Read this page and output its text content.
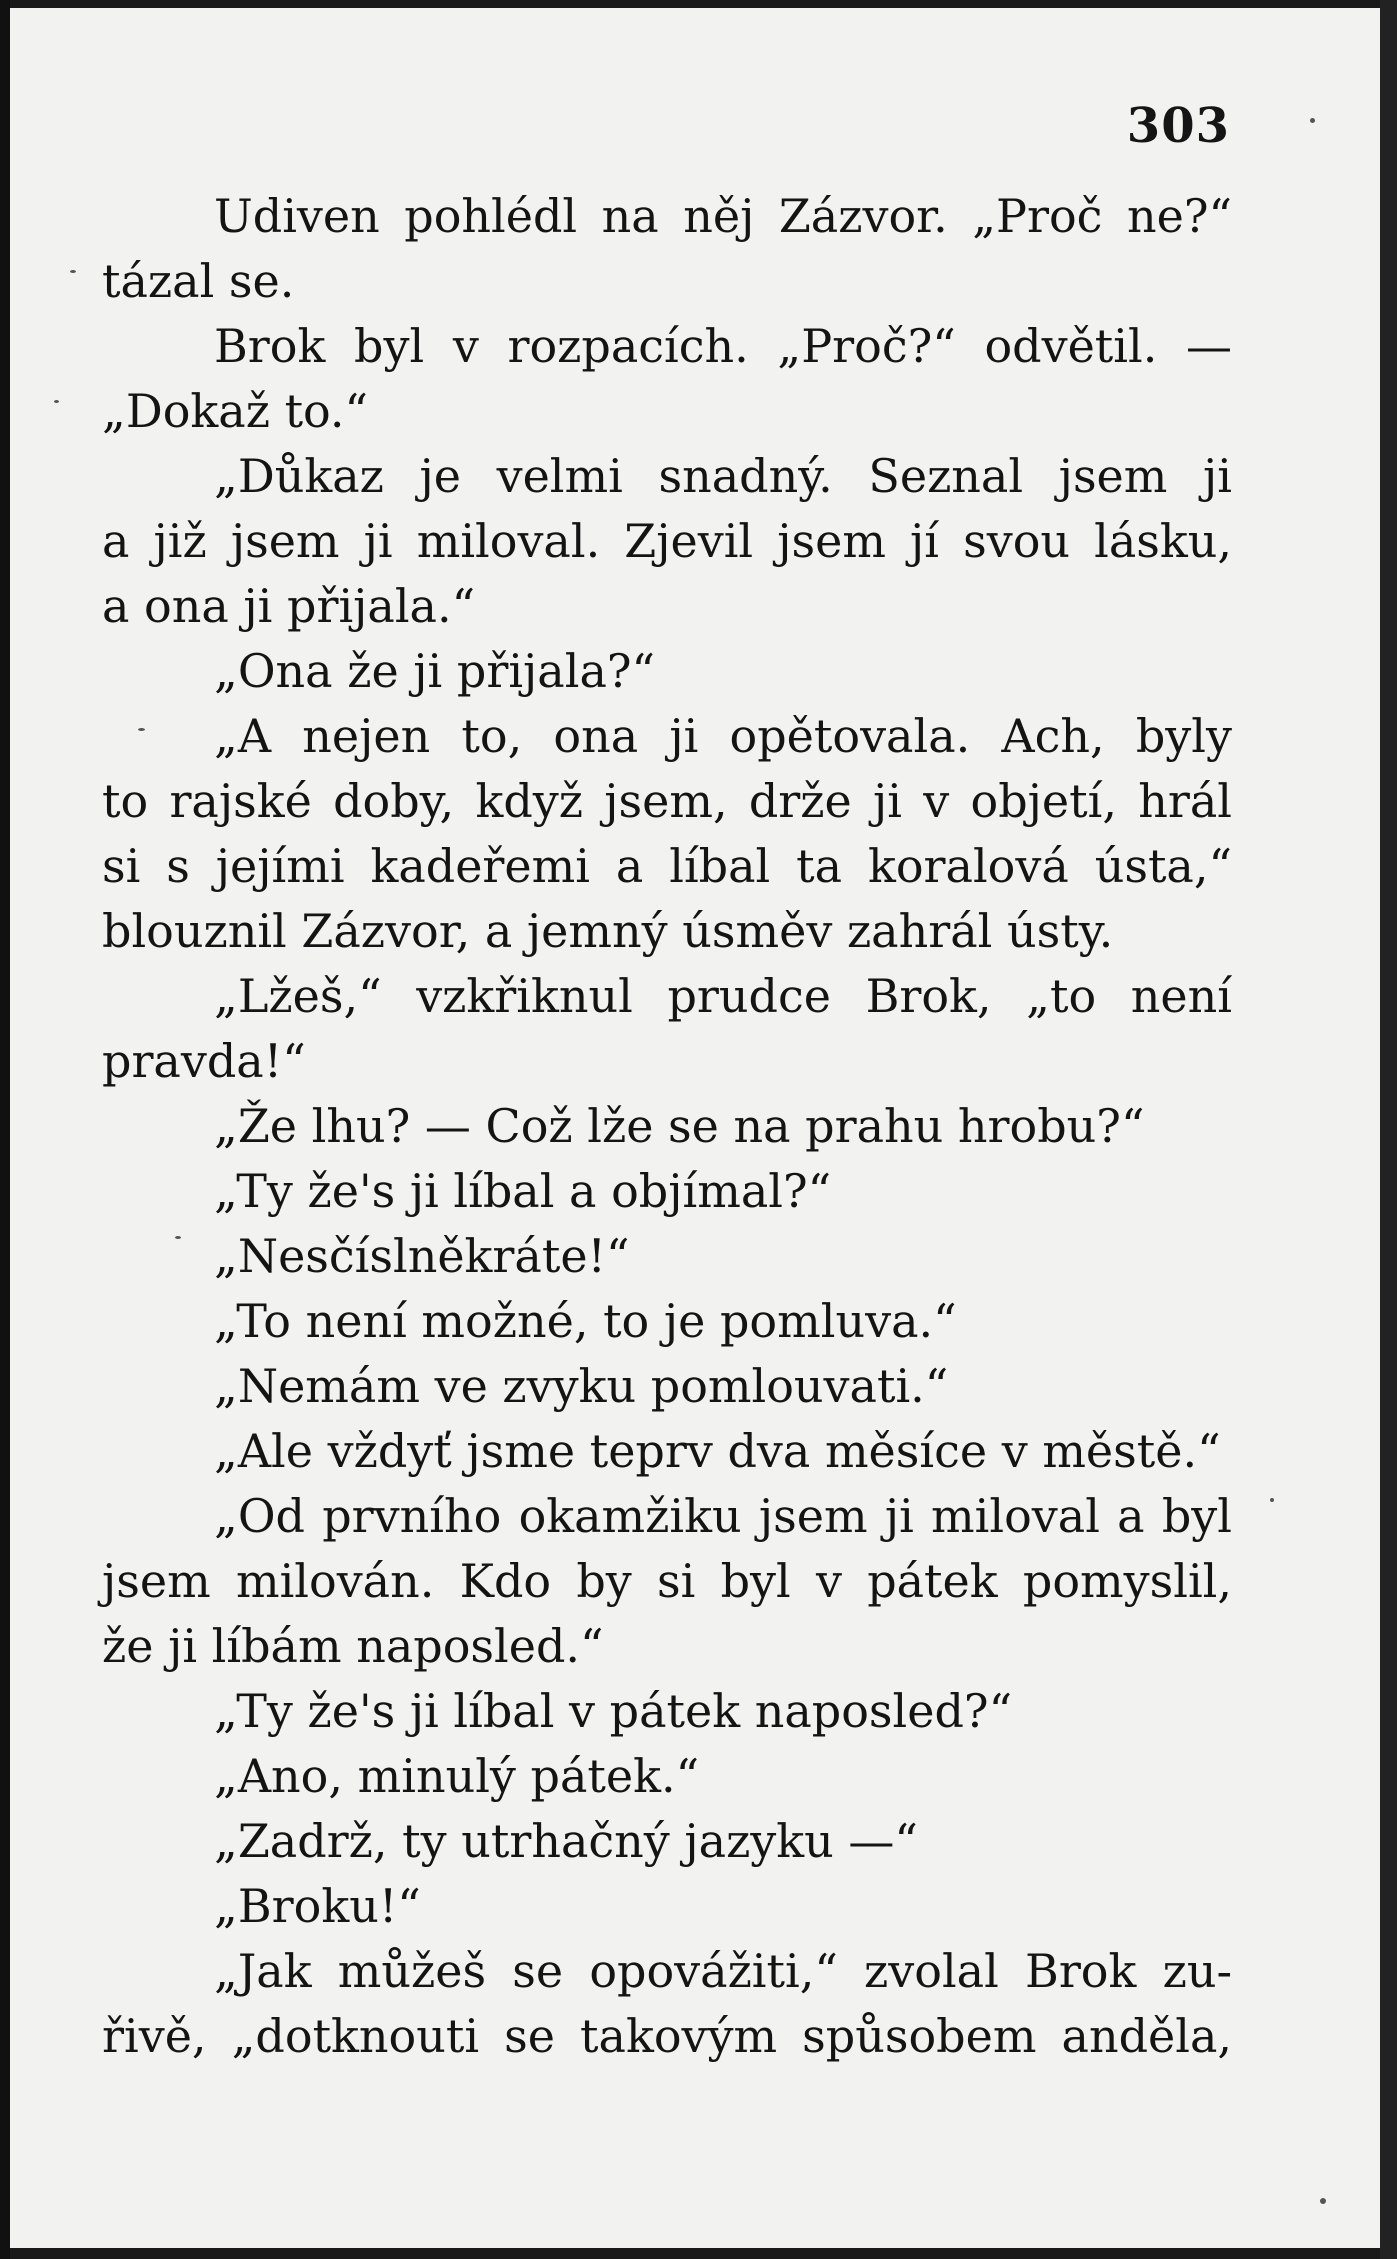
303
Udiven pohlédl na něj Zázvor. „Proč ne?“
tázal se.
Brok byl v rozpacích. „Proč?“ odvětil. —
„Dokaž to.“
„Důkaz je velmi snadný. Seznal jsem ji
a již jsem ji miloval. Zjevil jsem jí svou lásku,
a ona ji přijala.“
„Ona že ji přijala?“
„A nejen to, ona ji opětovala. Ach, byly
to rajské doby, když jsem, drže ji v objetí, hrál
si s jejími kadeřemi a líbal ta koralová ústa,“
blouznil Zázvor, a jemný úsměv zahrál ústy.
„Lžeš,“ vzkřiknul prudce Brok, „to není
pravda!“
„Že lhu? — Což lže se na prahu hrobu?“
„Ty že's ji líbal a objímal?“
„Nesčíslněkráte!“
„To není možné, to je pomluva.“
„Nemám ve zvyku pomlouvati.“
„Ale vždyť jsme teprv dva měsíce v městě.“
„Od prvního okamžiku jsem ji miloval a byl
jsem milován. Kdo by si byl v pátek pomyslil,
že ji líbám naposled.“
„Ty že's ji líbal v pátek naposled?“
„Ano, minulý pátek.“
„Zadrž, ty utrhačný jazyku —“
„Broku!“
„Jak můžeš se opovážiti,“ zvolal Brok zu-
řivě, „dotknouti se takovým spůsobem anděla,
